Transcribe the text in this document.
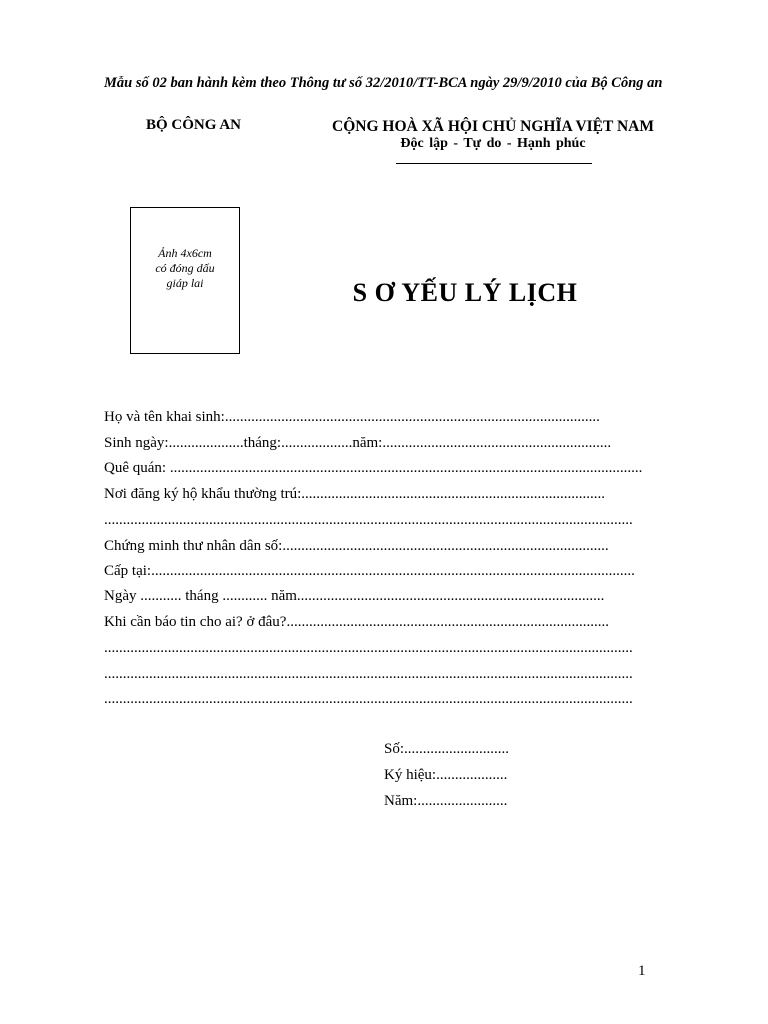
Mẫu số 02 ban hành kèm theo Thông tư số 32/2010/TT-BCA ngày 29/9/2010 của Bộ Công an
BỘ CÔNG AN	CỘNG HOÀ XÃ HỘI CHỦ NGHĨA VIỆT NAM
Độc lập - Tự do - Hạnh phúc
Ảnh 4x6cm
có đóng dấu
giáp lai	S Ơ YẾU LÝ LỊCH
Họ và tên khai sinh:....................................................................................................
Sinh ngày:....................tháng:...................năm:.............................................................
Quê quán: ..............................................................................................................................
Nơi đăng ký hộ khẩu thường trú:.................................................................................
.............................................................................................................................................
Chứng minh thư nhân dân số:.......................................................................................
Cấp tại:.................................................................................................................................
Ngày ........... tháng ............ năm..................................................................................
Khi cần báo tin cho ai? ở đâu?......................................................................................
.............................................................................................................................................
.............................................................................................................................................
.............................................................................................................................................
Số:............................
Ký hiệu:...................
Năm:........................
1
